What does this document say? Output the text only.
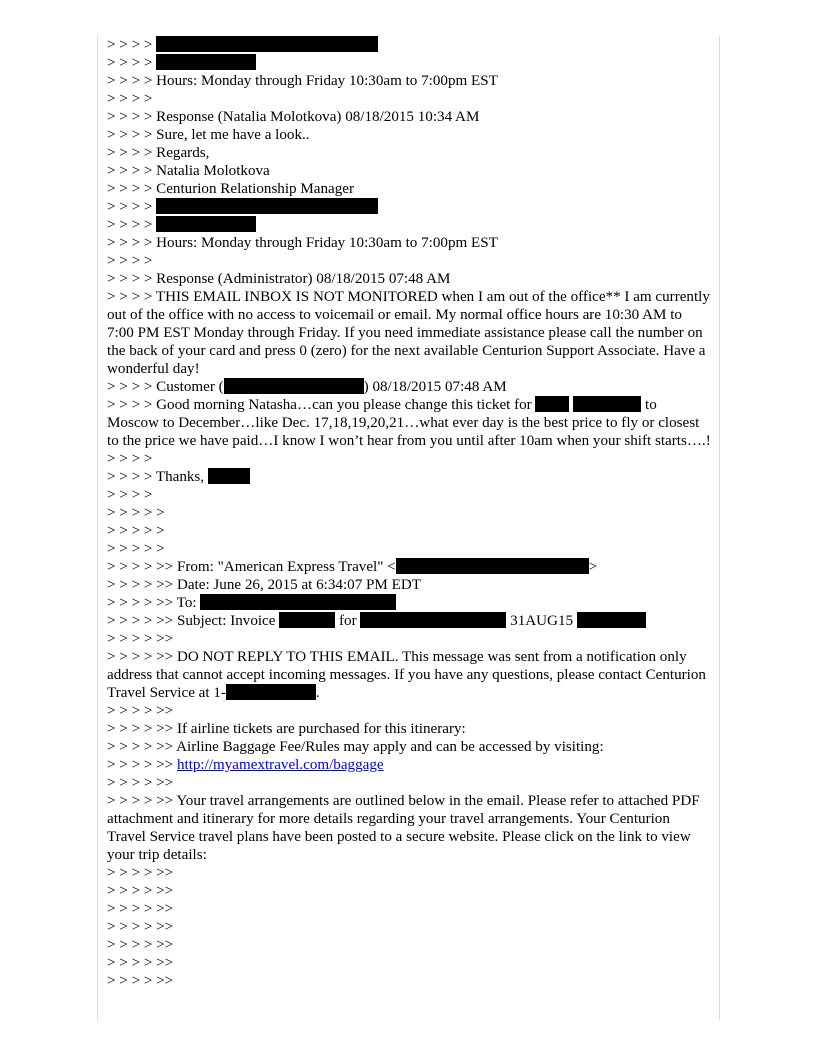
> > > >
> > > >
> > > > Hours: Monday through Friday 10:30am to 7:00pm EST
> > > >
> > > > Response (Natalia Molotkova) 08/18/2015 10:34 AM
> > > > Sure, let me have a look..
> > > > Regards,
> > > > Natalia Molotkova
> > > > Centurion Relationship Manager
> > > >
> > > >
> > > > Hours: Monday through Friday 10:30am to 7:00pm EST
> > > >
> > > > Response (Administrator) 08/18/2015 07:48 AM
> > > > THIS EMAIL INBOX IS NOT MONITORED when I am out of the office** I am currently out of the office with no access to voicemail or email. My normal office hours are 10:30 AM to 7:00 PM EST Monday through Friday. If you need immediate assistance please call the number on the back of your card and press 0 (zero) for the next available Centurion Support Associate. Have a wonderful day!
> > > > Customer (	) 08/18/2015 07:48 AM
> > > > Good morning Natasha…can you please change this ticket for	to Moscow to December…like Dec. 17,18,19,20,21…what ever day is the best price to fly or closest to the price we have paid…I know I won’t hear from you until after 10am when your shift starts….!
> > > >
> > > > Thanks,
> > > >
> > > > >
> > > > >
> > > > >
> > > > >> From: "American Express Travel" <	>
> > > > >> Date: June 26, 2015 at 6:34:07 PM EDT
> > > > >> To:
> > > > >> Subject: Invoice	for	31AUG15
> > > > >>
> > > > >> DO NOT REPLY TO THIS EMAIL. This message was sent from a notification only address that cannot accept incoming messages. If you have any questions, please contact Centurion Travel Service at 1-	.
> > > > >>
> > > > >> If airline tickets are purchased for this itinerary:
> > > > >> Airline Baggage Fee/Rules may apply and can be accessed by visiting:
> > > > >> http://myamextravel.com/baggage
> > > > >>
> > > > >> Your travel arrangements are outlined below in the email. Please refer to attached PDF attachment and itinerary for more details regarding your travel arrangements. Your Centurion Travel Service travel plans have been posted to a secure website. Please click on the link to view your trip details:
> > > > >>
> > > > >>
> > > > >>
> > > > >>
> > > > >>
> > > > >>
> > > > >>
